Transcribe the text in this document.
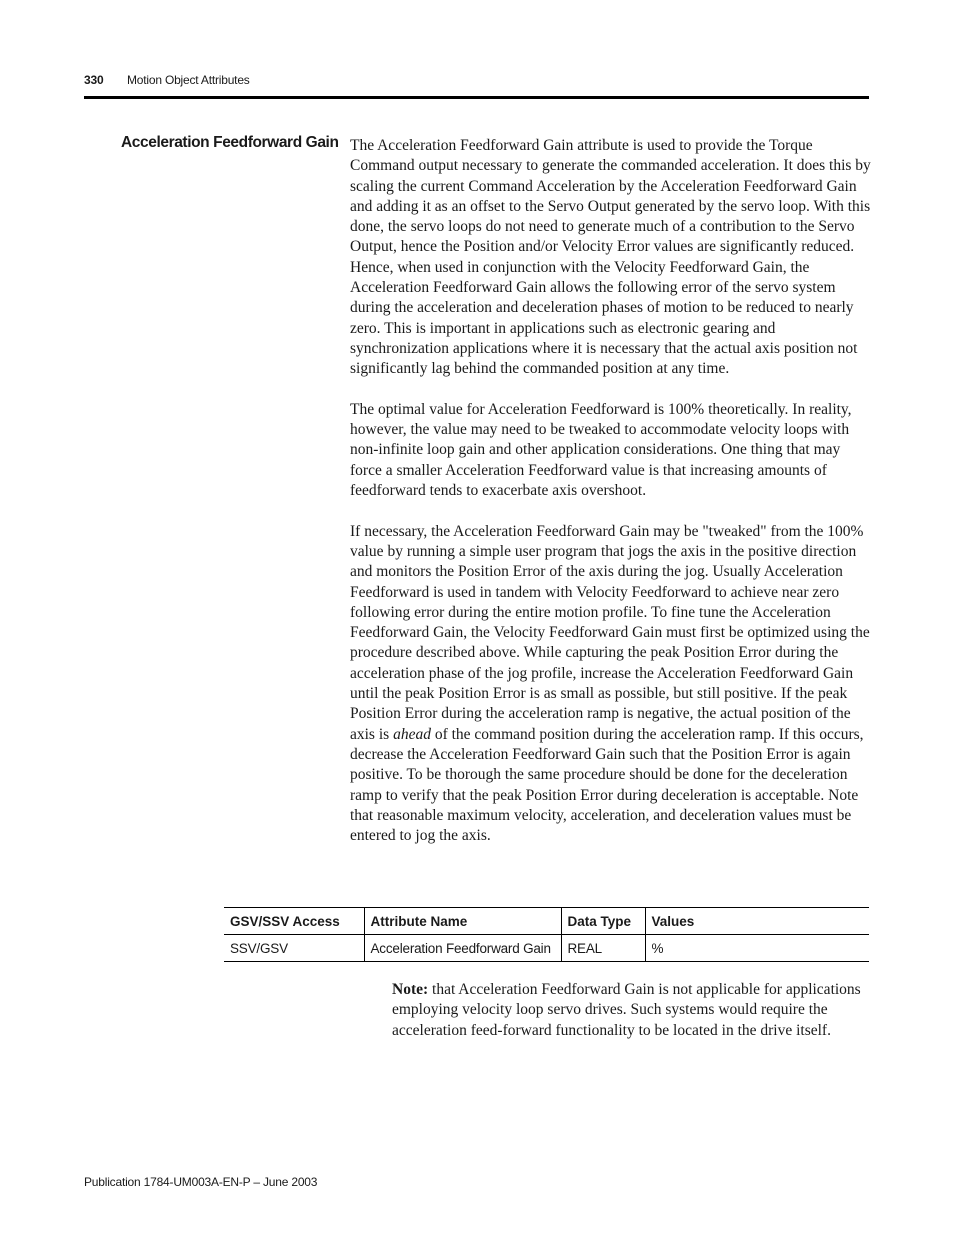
330 Motion Object Attributes
Acceleration Feedforward Gain The Acceleration Feedforward Gain attribute is used to provide the Torque Command output necessary to generate the commanded acceleration. It does this by scaling the current Command Acceleration by the Acceleration Feedforward Gain and adding it as an offset to the Servo Output generated by the servo loop. With this done, the servo loops do not need to generate much of a contribution to the Servo Output, hence the Position and/or Velocity Error values are significantly reduced. Hence, when used in conjunction with the Velocity Feedforward Gain, the Acceleration Feedforward Gain allows the following error of the servo system during the acceleration and deceleration phases of motion to be reduced to nearly zero. This is important in applications such as electronic gearing and synchronization applications where it is necessary that the actual axis position not significantly lag behind the commanded position at any time.

The optimal value for Acceleration Feedforward is 100% theoretically. In reality, however, the value may need to be tweaked to accommodate velocity loops with non-infinite loop gain and other application considerations. One thing that may force a smaller Acceleration Feedforward value is that increasing amounts of feedforward tends to exacerbate axis overshoot.

If necessary, the Acceleration Feedforward Gain may be "tweaked" from the 100% value by running a simple user program that jogs the axis in the positive direction and monitors the Position Error of the axis during the jog. Usually Acceleration Feedforward is used in tandem with Velocity Feedforward to achieve near zero following error during the entire motion profile. To fine tune the Acceleration Feedforward Gain, the Velocity Feedforward Gain must first be optimized using the procedure described above. While capturing the peak Position Error during the acceleration phase of the jog profile, increase the Acceleration Feedforward Gain until the peak Position Error is as small as possible, but still positive. If the peak Position Error during the acceleration ramp is negative, the actual position of the axis is ahead of the command position during the acceleration ramp. If this occurs, decrease the Acceleration Feedforward Gain such that the Position Error is again positive. To be thorough the same procedure should be done for the deceleration ramp to verify that the peak Position Error during deceleration is acceptable. Note that reasonable maximum velocity, acceleration, and deceleration values must be entered to jog the axis.

GSV/SSV Access	Attribute Name	Data Type	Values
SSV/GSV	Acceleration Feedforward Gain	REAL	%
Note: that Acceleration Feedforward Gain is not applicable for applications employing velocity loop servo drives. Such systems would require the acceleration feed-forward functionality to be located in the drive itself.
Publication 1784-UM003A-EN-P – June 2003
